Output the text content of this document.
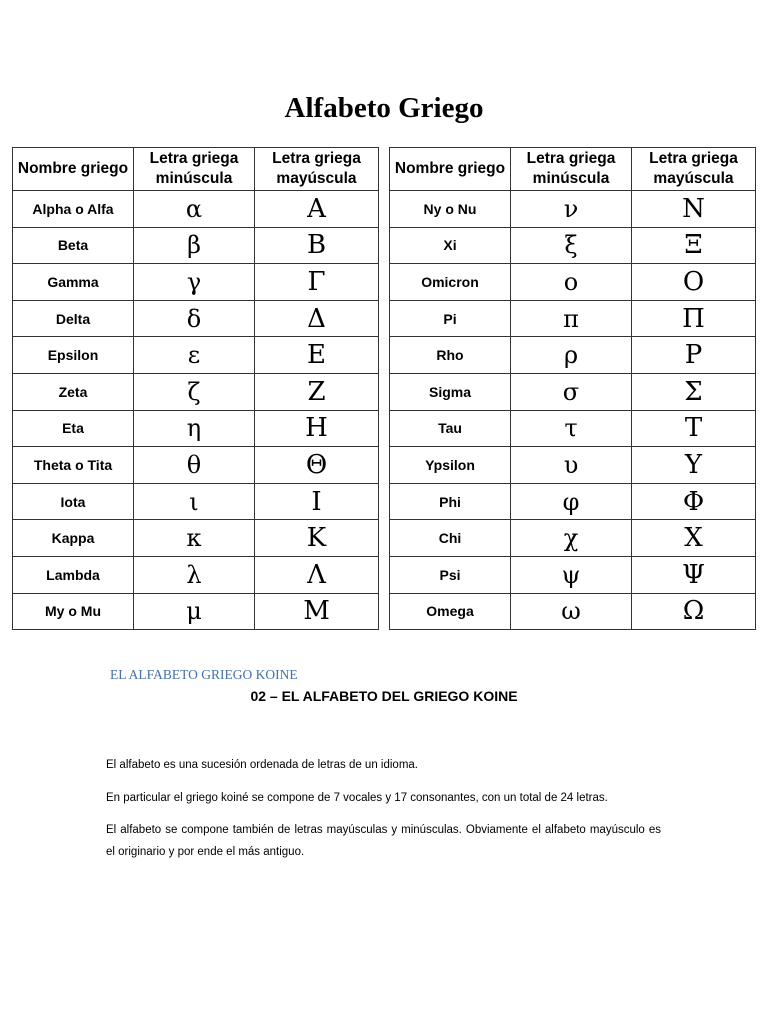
Alfabeto Griego
Nombre griego	Letra griega minúscula	Letra griega mayúscula
Alpha o Alfa	α	Α
Beta	β	Β
Gamma	γ	Γ
Delta	δ	Δ
Epsilon	ε	Ε
Zeta	ζ	Ζ
Eta	η	Η
Theta o Tita	θ	Θ
Iota	ι	Ι
Kappa	κ	Κ
Lambda	λ	Λ
My o Mu	μ	Μ
Nombre griego	Letra griega minúscula	Letra griega mayúscula
Ny o Nu	ν	Ν
Xi	ξ	Ξ
Omicron	ο	Ο
Pi	π	Π
Rho	ρ	Ρ
Sigma	σ	Σ
Tau	τ	Τ
Ypsilon	υ	Υ
Phi	φ	Φ
Chi	χ	Χ
Psi	ψ	Ψ
Omega	ω	Ω
EL ALFABETO GRIEGO KOINE
02 – EL ALFABETO DEL GRIEGO KOINE

El alfabeto es una sucesión ordenada de letras de un idioma.

En particular el griego koiné se compone de 7 vocales y 17 consonantes, con un total de 24 letras.

El alfabeto se compone también de letras mayúsculas y minúsculas. Obviamente el alfabeto mayúsculo es el originario y por ende el más antiguo.
